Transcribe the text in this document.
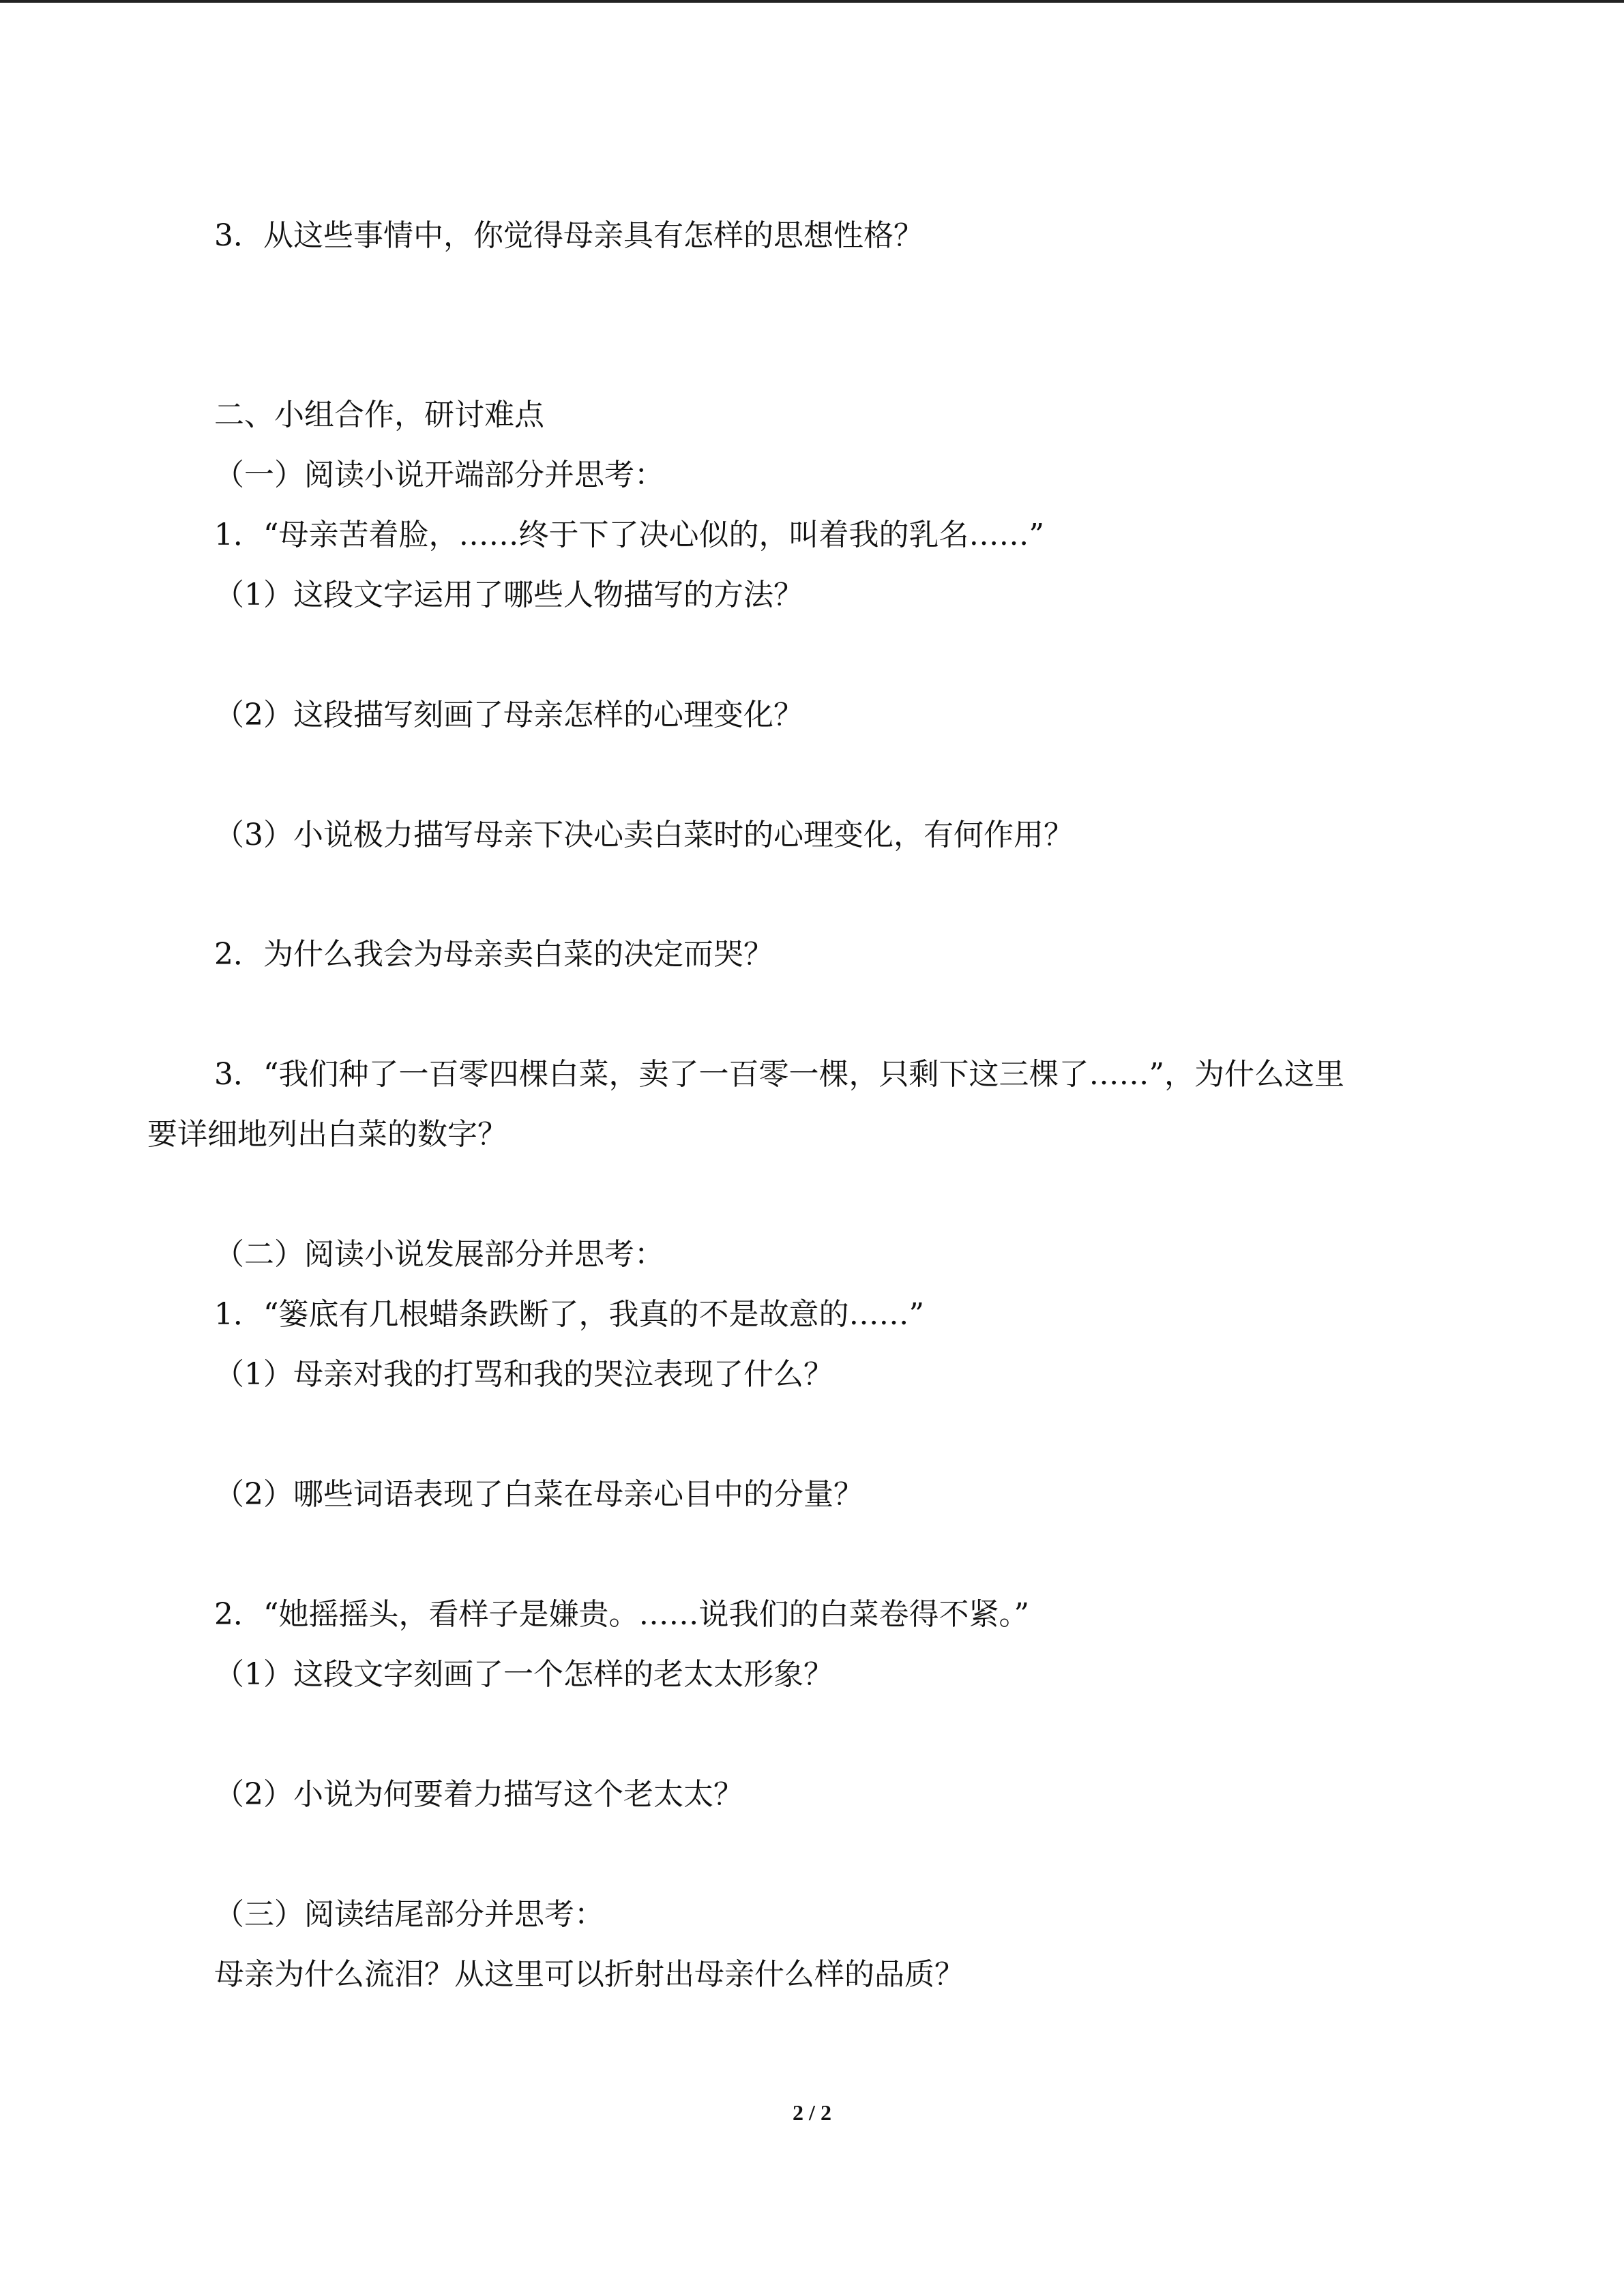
3．从这些事情中，你觉得母亲具有怎样的思想性格？
二、小组合作，研讨难点
（一）阅读小说开端部分并思考：
1．“母亲苦着脸，……终于下了决心似的，叫着我的乳名……”
（1）这段文字运用了哪些人物描写的方法？
（2）这段描写刻画了母亲怎样的心理变化？
（3）小说极力描写母亲下决心卖白菜时的心理变化，有何作用？
2．为什么我会为母亲卖白菜的决定而哭？
3．“我们种了一百零四棵白菜，卖了一百零一棵，只剩下这三棵了……”，为什么这里
要详细地列出白菜的数字？
（二）阅读小说发展部分并思考：
1．“篓底有几根蜡条跌断了，我真的不是故意的……”
（1）母亲对我的打骂和我的哭泣表现了什么？
（2）哪些词语表现了白菜在母亲心目中的分量？
2．“她摇摇头，看样子是嫌贵。……说我们的白菜卷得不紧。”
（1）这段文字刻画了一个怎样的老太太形象？
（2）小说为何要着力描写这个老太太？
（三）阅读结尾部分并思考：
母亲为什么流泪？从这里可以折射出母亲什么样的品质？
2 / 2
